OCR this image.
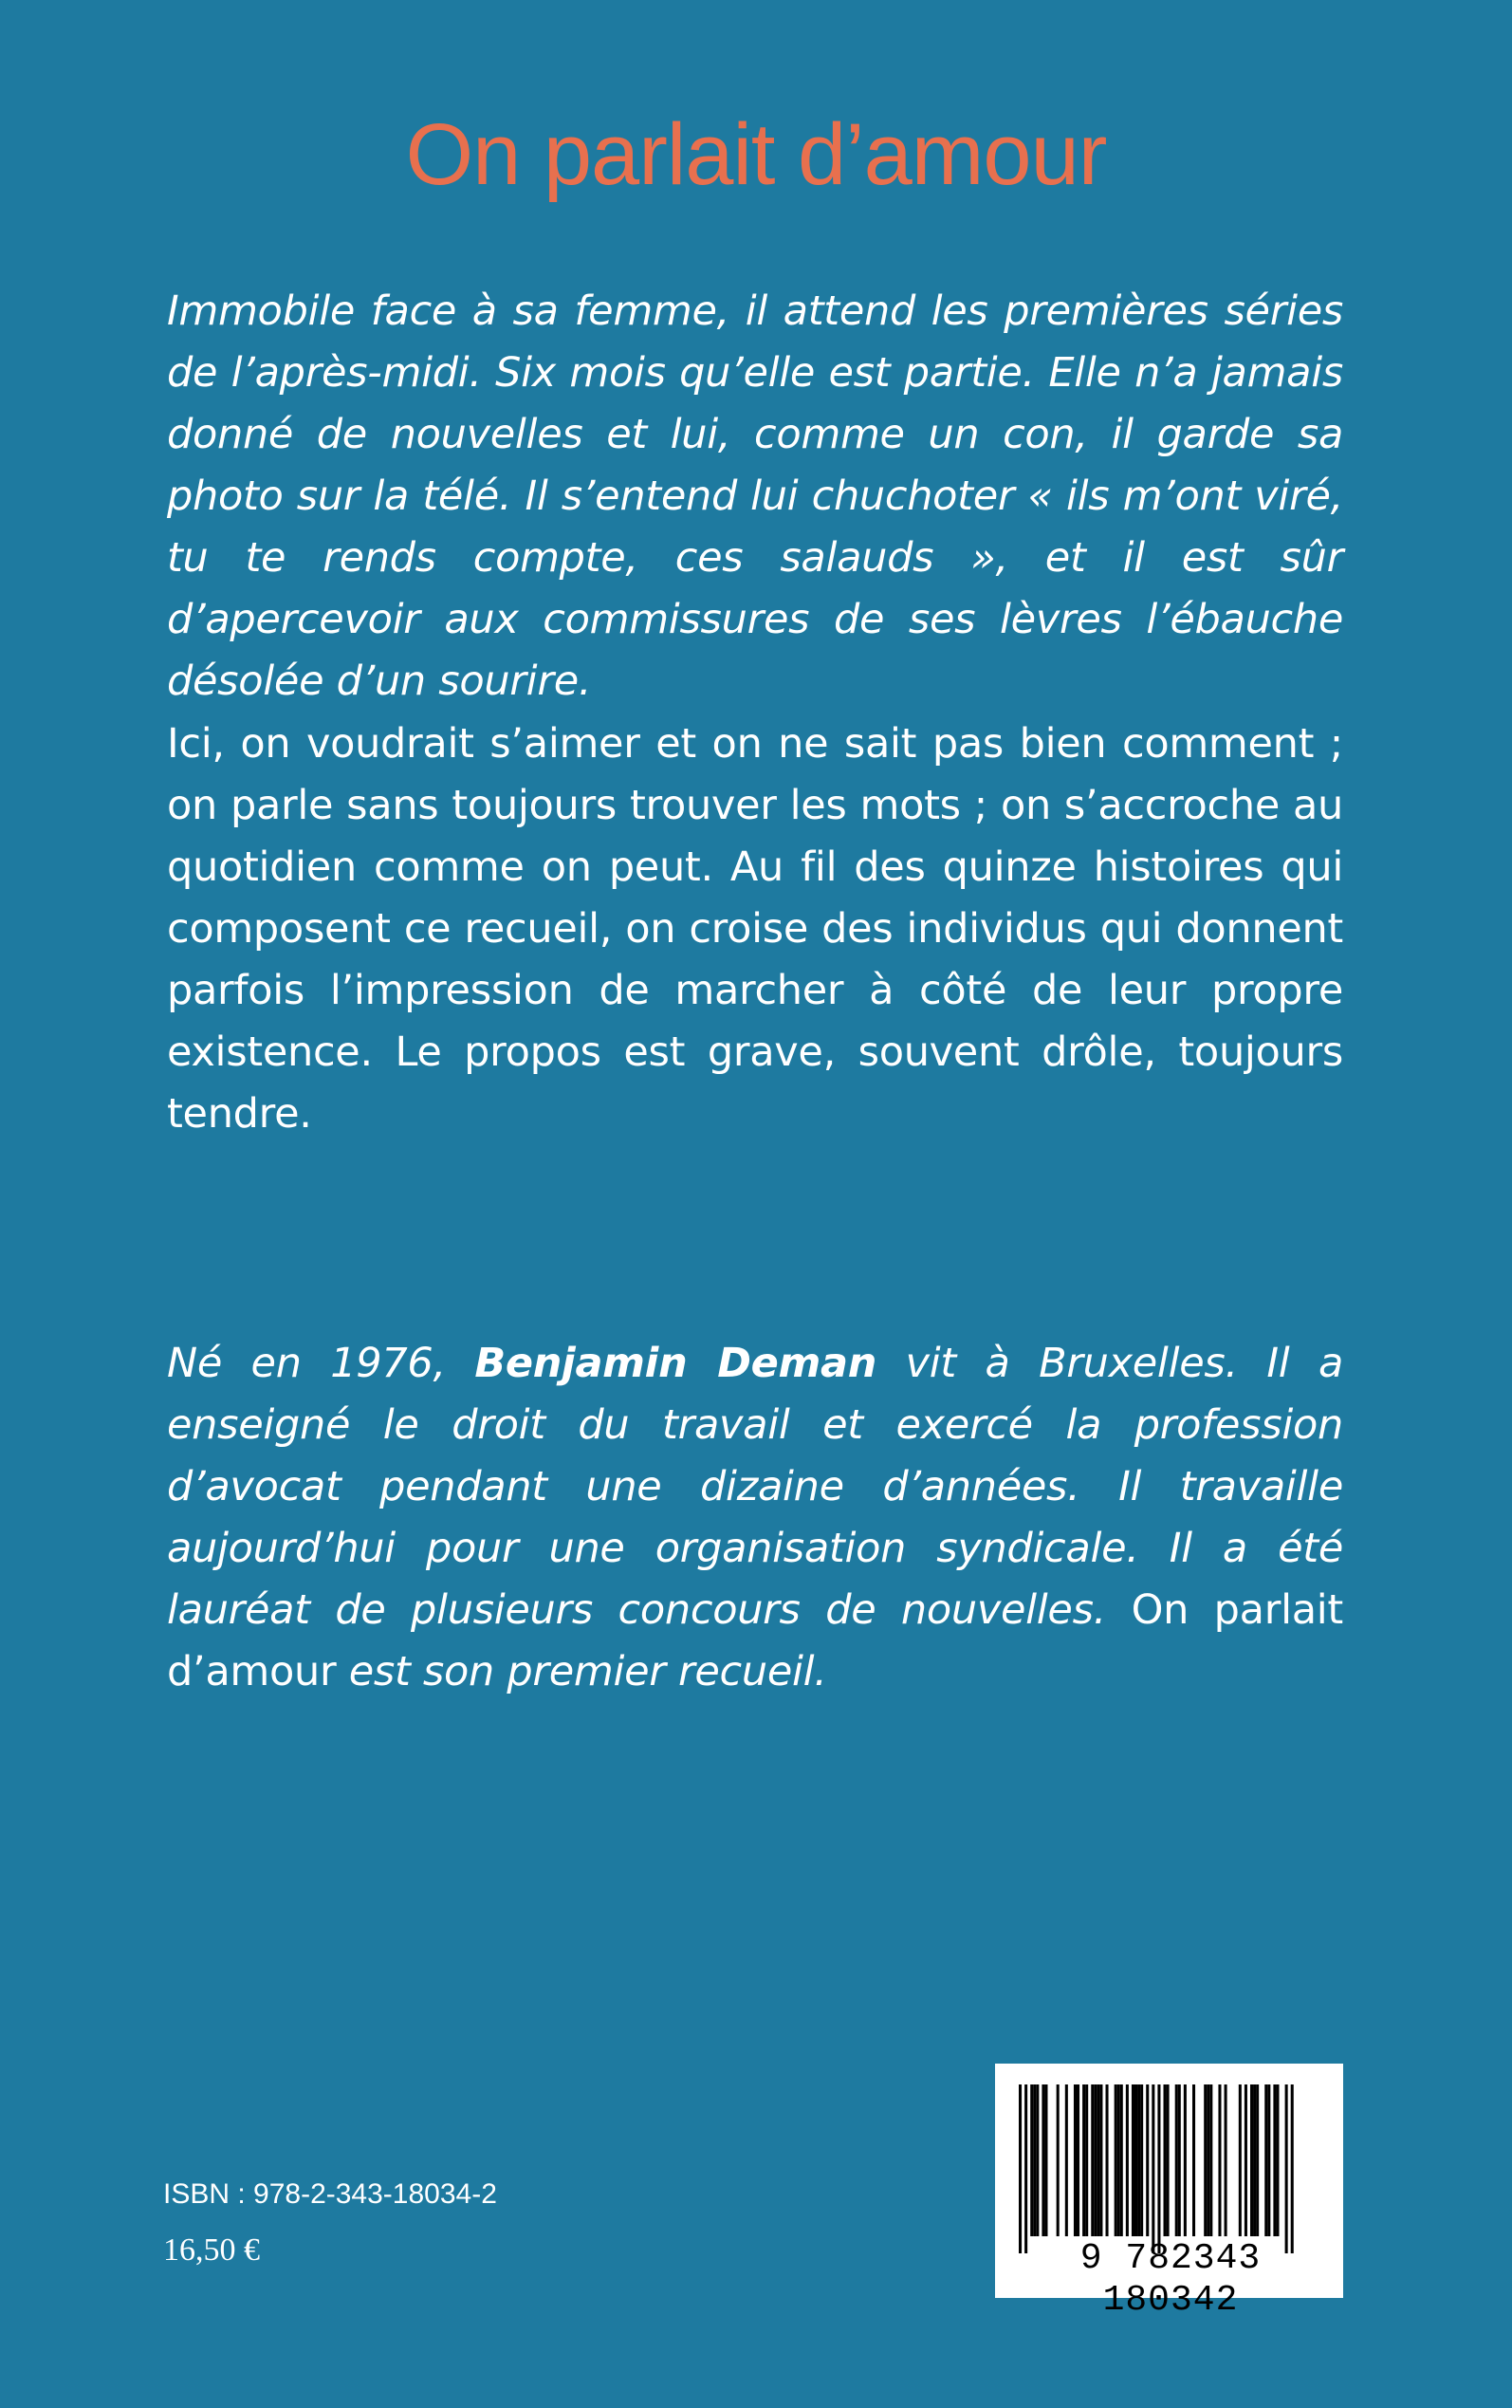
On parlait d’amour

Immobile face à sa femme, il attend les premières séries de l’après-midi. Six mois qu’elle est partie. Elle n’a jamais donné de nouvelles et lui, comme un con, il garde sa photo sur la télé. Il s’entend lui chuchoter « ils m’ont viré, tu te rends compte, ces salauds », et il est sûr d’apercevoir aux commissures de ses lèvres l’ébauche désolée d’un sourire.

Ici, on voudrait s’aimer et on ne sait pas bien comment ; on parle sans toujours trouver les mots ; on s’accroche au quotidien comme on peut. Au fil des quinze histoires qui composent ce recueil, on croise des individus qui donnent parfois l’impression de marcher à côté de leur propre existence. Le propos est grave, souvent drôle, toujours tendre.

Né en 1976, Benjamin Deman vit à Bruxelles. Il a enseigné le droit du travail et exercé la profession d’avocat pendant une dizaine d’années. Il travaille aujourd’hui pour une organisation syndicale. Il a été lauréat de plusieurs concours de nouvelles. On parlait d’amour est son premier recueil.

ISBN : 978-2-343-18034-2
16,50 €	9 782343 180342
